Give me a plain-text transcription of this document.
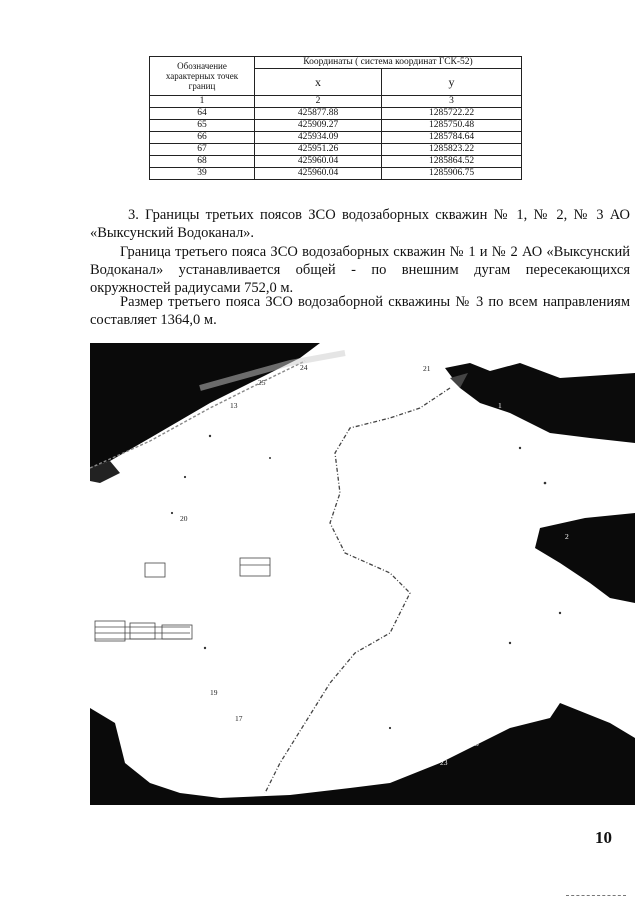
Обозначение характерных точек границ	Координаты ( система координат ГСК-52)	
	x	y
1	2	3
64	425877.88	1285722.22
65	425909.27	1285750.48
66	425934.09	1285784.64
67	425951.26	1285823.22
68	425960.04	1285864.52
39	425960.04	1285906.75
3. Границы третьих поясов ЗСО водозаборных скважин № 1, № 2, № 3 АО «Выксунский Водоканал».
Граница третьего пояса ЗСО водозаборных скважин № 1 и № 2 АО «Выксунский Водоканал» устанавливается общей - по внешним дугам пересекающихся окружностей радиусами 752,0 м.
Размер третьего пояса ЗСО водозаборной скважины № 3 по всем направлениям составляет 1364,0 м.
25
24	21
13
20
19
16
17
18	22
23
1
2
3
10
